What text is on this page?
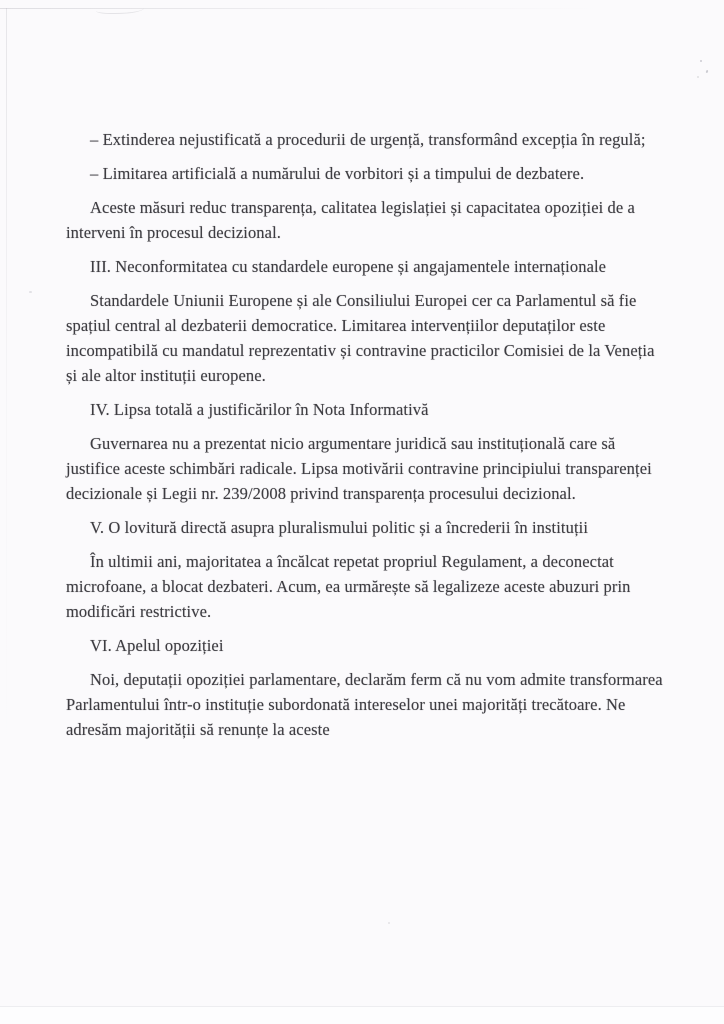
– Extinderea nejustificată a procedurii de urgență, transformând excepția în regulă;

– Limitarea artificială a numărului de vorbitori și a timpului de dezbatere.

Aceste măsuri reduc transparența, calitatea legislației și capacitatea opoziției de a interveni în procesul decizional.

III. Neconformitatea cu standardele europene și angajamentele internaționale

Standardele Uniunii Europene și ale Consiliului Europei cer ca Parlamentul să fie spațiul central al dezbaterii democratice. Limitarea intervențiilor deputaților este incompatibilă cu mandatul reprezentativ și contravine practicilor Comisiei de la Veneția și ale altor instituții europene.

IV. Lipsa totală a justificărilor în Nota Informativă

Guvernarea nu a prezentat nicio argumentare juridică sau instituțională care să justifice aceste schimbări radicale. Lipsa motivării contravine principiului transparenței decizionale și Legii nr. 239/2008 privind transparența procesului decizional.

V. O lovitură directă asupra pluralismului politic și a încrederii în instituții

În ultimii ani, majoritatea a încălcat repetat propriul Regulament, a deconectat microfoane, a blocat dezbateri. Acum, ea urmărește să legalizeze aceste abuzuri prin modificări restrictive.

VI. Apelul opoziției

Noi, deputații opoziției parlamentare, declarăm ferm că nu vom admite transformarea Parlamentului într-o instituție subordonată intereselor unei majorități trecătoare. Ne adresăm majorității să renunțe la aceste
